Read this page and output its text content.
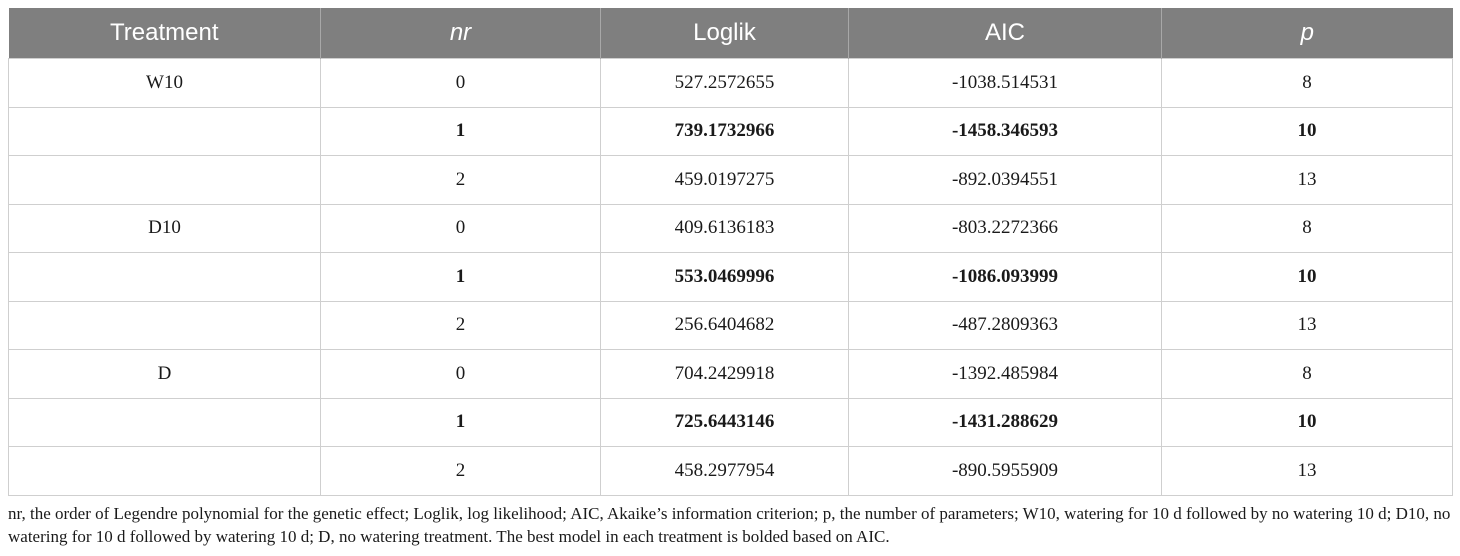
Treatment	nr	Loglik	AIC	p
W10	0	527.2572655	-1038.514531	8
	1	739.1732966	-1458.346593	10
	2	459.0197275	-892.0394551	13
D10	0	409.6136183	-803.2272366	8
	1	553.0469996	-1086.093999	10
	2	256.6404682	-487.2809363	13
D	0	704.2429918	-1392.485984	8
	1	725.6443146	-1431.288629	10
	2	458.2977954	-890.5955909	13
nr, the order of Legendre polynomial for the genetic effect; Loglik, log likelihood; AIC, Akaike’s information criterion; p, the number of parameters; W10, watering for 10 d followed by no watering 10 d; D10, no watering for 10 d followed by watering 10 d; D, no watering treatment. The best model in each treatment is bolded based on AIC.
